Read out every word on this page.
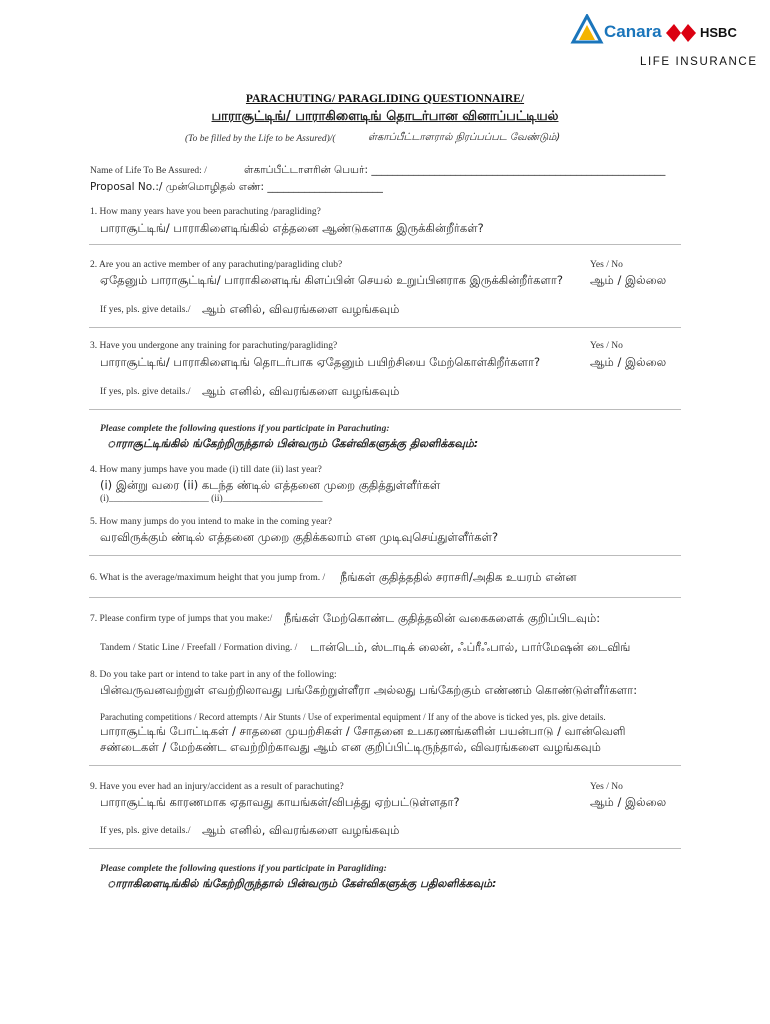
Canara	HSBC
LIFE INSURANCE
PARACHUTING/ PARAGLIDING QUESTIONNAIRE/
பாராசூட்டிங்/ பாராகிளைடிங் தொடர்பான வினாப்பட்டியல்
(To be filled by the Life to be Assured)/(	ள்காப்பீட்டாளரால் நிரப்பப்பட வேண்டும்)
Name of Life To Be Assured: /	ள்காப்பீட்டாளரின் பெயர்: ________________________________________________________
Proposal No.:/ முன்மொழிதல் எண்: ______________________
1. How many years have you been parachuting /paragliding?
பாராசூட்டிங்/ பாராகிளைடிங்கில் எத்தனை ஆண்டுகளாக இருக்கின்றீர்கள்?
2. Are you an active member of any parachuting/paragliding club?
ஏதேனும் பாராசூட்டிங்/ பாராகிளைடிங் கிளப்பின் செயல் உறுப்பினராக இருக்கின்றீர்களா?
Yes / No
ஆம் / இல்லை
If yes, pls. give details./ ஆம் எனில், விவரங்களை வழங்கவும்
3. Have you undergone any training for parachuting/paragliding?
பாராசூட்டிங்/ பாராகிளைடிங் தொடர்பாக ஏதேனும் பயிற்சியை மேற்கொள்கிறீர்களா?
Yes / No
ஆம் / இல்லை
If yes, pls. give details./ ஆம் எனில், விவரங்களை வழங்கவும்
Please complete the following questions if you participate in Parachuting:
ாராசூட்டிங்கில் ங்கேற்றிருந்தால் பின்வரும் கேள்விகளுக்கு திலளிக்கவும்:
4. How many jumps have you made (i) till date (ii) last year?
(i) இன்று வரை (ii) கடந்த ண்டில் எத்தனை முறை குதித்துள்ளீர்கள்
(i)_____________________ (ii)_____________________
5. How many jumps do you intend to make in the coming year?
வரவிருக்கும் ண்டில் எத்தனை முறை குதிக்கலாம் என முடிவுசெய்துள்ளீர்கள்?
6. What is the average/maximum height that you jump from. / நீங்கள் குதித்ததில் சராசரி/அதிக உயரம் என்ன
7. Please confirm type of jumps that you make:/ நீங்கள் மேற்கொண்ட குதித்தலின் வகைகளைக் குறிப்பிடவும்:
Tandem / Static Line / Freefall / Formation diving. / டான்டெம், ஸ்டாடிக் லைன், ஃப்ரீஃபால், பார்மேஷன் டைவிங்
8. Do you take part or intend to take part in any of the following:
பின்வருவனவற்றுள் எவற்றிலாவது பங்கேற்றுள்ளீரா அல்லது பங்கேற்கும் எண்ணம் கொண்டுள்ளீர்களா:
Parachuting competitions / Record attempts / Air Stunts / Use of experimental equipment / If any of the above is ticked yes, pls. give details.
பாராசூட்டிங் போட்டிகள் / சாதனை முயற்சிகள் / சோதனை உபகரணங்களின் பயன்பாடு / வான்வெளி
சண்டைகள் / மேற்கண்ட எவற்றிற்காவது ஆம் என குறிப்பிட்டிருந்தால், விவரங்களை வழங்கவும்
9. Have you ever had an injury/accident as a result of parachuting?
பாராசூட்டிங் காரணமாக ஏதாவது காயங்கள்/விபத்து ஏற்பட்டுள்ளதா?
Yes / No
ஆம் / இல்லை
If yes, pls. give details./ ஆம் எனில், விவரங்களை வழங்கவும்
Please complete the following questions if you participate in Paragliding:
ாராகிளைடிங்கில் ங்கேற்றிருந்தால் பின்வரும் கேள்விகளுக்கு பதிலளிக்கவும்:
